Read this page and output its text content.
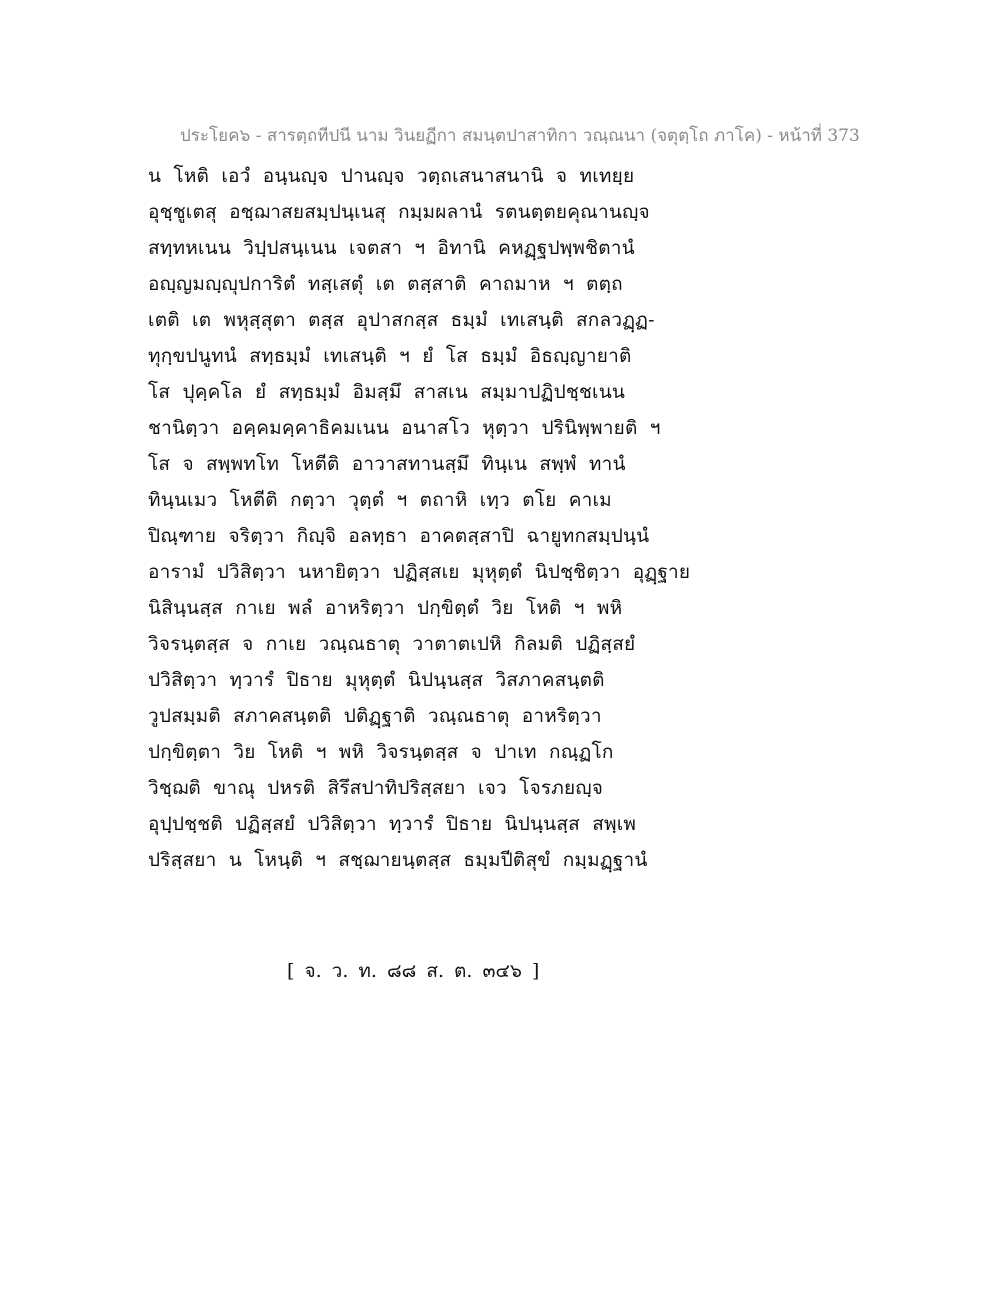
ประโยค๖ - สารตฺถทีปนี นาม วินยฏีกา สมนฺตปาสาทิกา วณฺณนา (จตุตฺโถ ภาโค) - หน้าที่ 373
น โหติ เอวํ อนฺนญฺจ ปานญฺจ วตฺถเสนาสนานิ จ ทเทยฺย
อุชฺชูเตสุ อชฺฌาสยสมฺปนฺเนสุ กมฺมผลานํ รตนตฺตยคุณานญฺจ
สทฺทหเนน วิปฺปสนฺเนน เจตสา ฯ อิทานิ คหฏฺฐปพฺพชิตานํ
อญฺญมญฺญุปการิตํ ทสฺเสตุํ เต ตสฺสาติ คาถมาห ฯ ตตฺถ
เตติ เต พหุสฺสุตา ตสฺส อุปาสกสฺส ธมฺมํ เทเสนฺติ สกลวฏฺฏ-
ทุกฺขปนูทนํ สทฺธมฺมํ เทเสนฺติ ฯ ยํ โส ธมฺมํ อิธญฺญายาติ
โส ปุคฺคโล ยํ สทฺธมฺมํ อิมสฺมึ สาสเน สมฺมาปฏิปชฺชเนน
ชานิตฺวา อคฺคมคฺคาธิคมเนน อนาสโว หุตฺวา ปรินิพฺพายติ ฯ
โส จ สพฺพทโท โหตีติ อาวาสทานสฺมึ ทินฺเน สพฺพํ ทานํ
ทินฺนเมว โหตีติ กตฺวา วุตฺตํ ฯ ตถาหิ เทฺว ตโย คาเม
ปิณฺฑาย จริตฺวา กิญฺจิ อลทฺธา อาคตสฺสาปิ ฉายูทกสมฺปนฺนํ
อารามํ ปวิสิตฺวา นหายิตฺวา ปฏิสฺสเย มุหุตฺตํ นิปชฺชิตฺวา อุฏฺฐาย
นิสินฺนสฺส กาเย พลํ อาหริตฺวา ปกฺขิตฺตํ วิย โหติ ฯ พหิ
วิจรนฺตสฺส จ กาเย วณฺณธาตุ วาตาตเปหิ กิลมติ ปฏิสฺสยํ
ปวิสิตฺวา ทฺวารํ ปิธาย มุหุตฺตํ นิปนฺนสฺส วิสภาคสนฺตติ
วูปสมฺมติ สภาคสนฺตติ ปติฏฺฐาติ วณฺณธาตุ อาหริตฺวา
ปกฺขิตฺตา วิย โหติ ฯ พหิ วิจรนฺตสฺส จ ปาเท กณฺฏโก
วิชฺฌติ ขาณุ ปหรติ สิรึสปาทิปริสฺสยา เจว โจรภยญฺจ
อุปฺปชฺชติ ปฏิสฺสยํ ปวิสิตฺวา ทฺวารํ ปิธาย นิปนฺนสฺส สพฺเพ
ปริสฺสยา น โหนฺติ ฯ สชฺฌายนฺตสฺส ธมฺมปีติสุขํ กมฺมฏฺฐานํ
[ จ. ว. ท. ๘๘ ส. ต. ๓๔๖ ]
